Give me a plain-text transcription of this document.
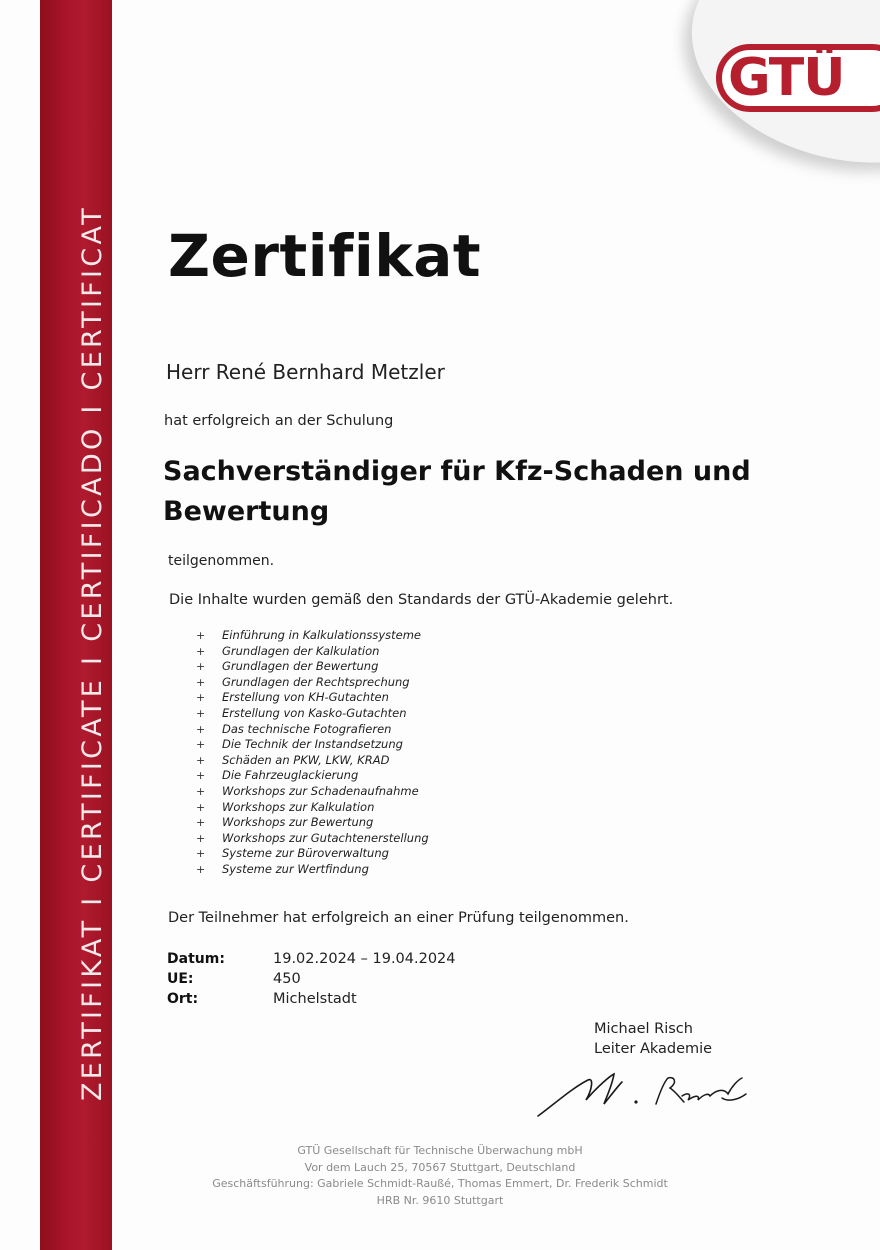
ZERTIFIKAT I CERTIFICATE I CERTIFICADO I CERTIFICAT
GTÜ
Zertifikat
Herr René Bernhard Metzler
hat erfolgreich an der Schulung
Sachverständiger für Kfz-Schaden und
Bewertung
teilgenommen.
Die Inhalte wurden gemäß den Standards der GTÜ-Akademie gelehrt.
+ Einführung in Kalkulationssysteme
+ Grundlagen der Kalkulation
+ Grundlagen der Bewertung
+ Grundlagen der Rechtsprechung
+ Erstellung von KH-Gutachten
+ Erstellung von Kasko-Gutachten
+ Das technische Fotografieren
+ Die Technik der Instandsetzung
+ Schäden an PKW, LKW, KRAD
+ Die Fahrzeuglackierung
+ Workshops zur Schadenaufnahme
+ Workshops zur Kalkulation
+ Workshops zur Bewertung
+ Workshops zur Gutachtenerstellung
+ Systeme zur Büroverwaltung
+ Systeme zur Wertfindung
Der Teilnehmer hat erfolgreich an einer Prüfung teilgenommen.
Datum:	19.02.2024 – 19.04.2024
UE:	450
Ort:	Michelstadt
Michael Risch
Leiter Akademie
GTÜ Gesellschaft für Technische Überwachung mbH
Vor dem Lauch 25, 70567 Stuttgart, Deutschland
Geschäftsführung: Gabriele Schmidt-Raußé, Thomas Emmert, Dr. Frederik Schmidt
HRB Nr. 9610 Stuttgart
